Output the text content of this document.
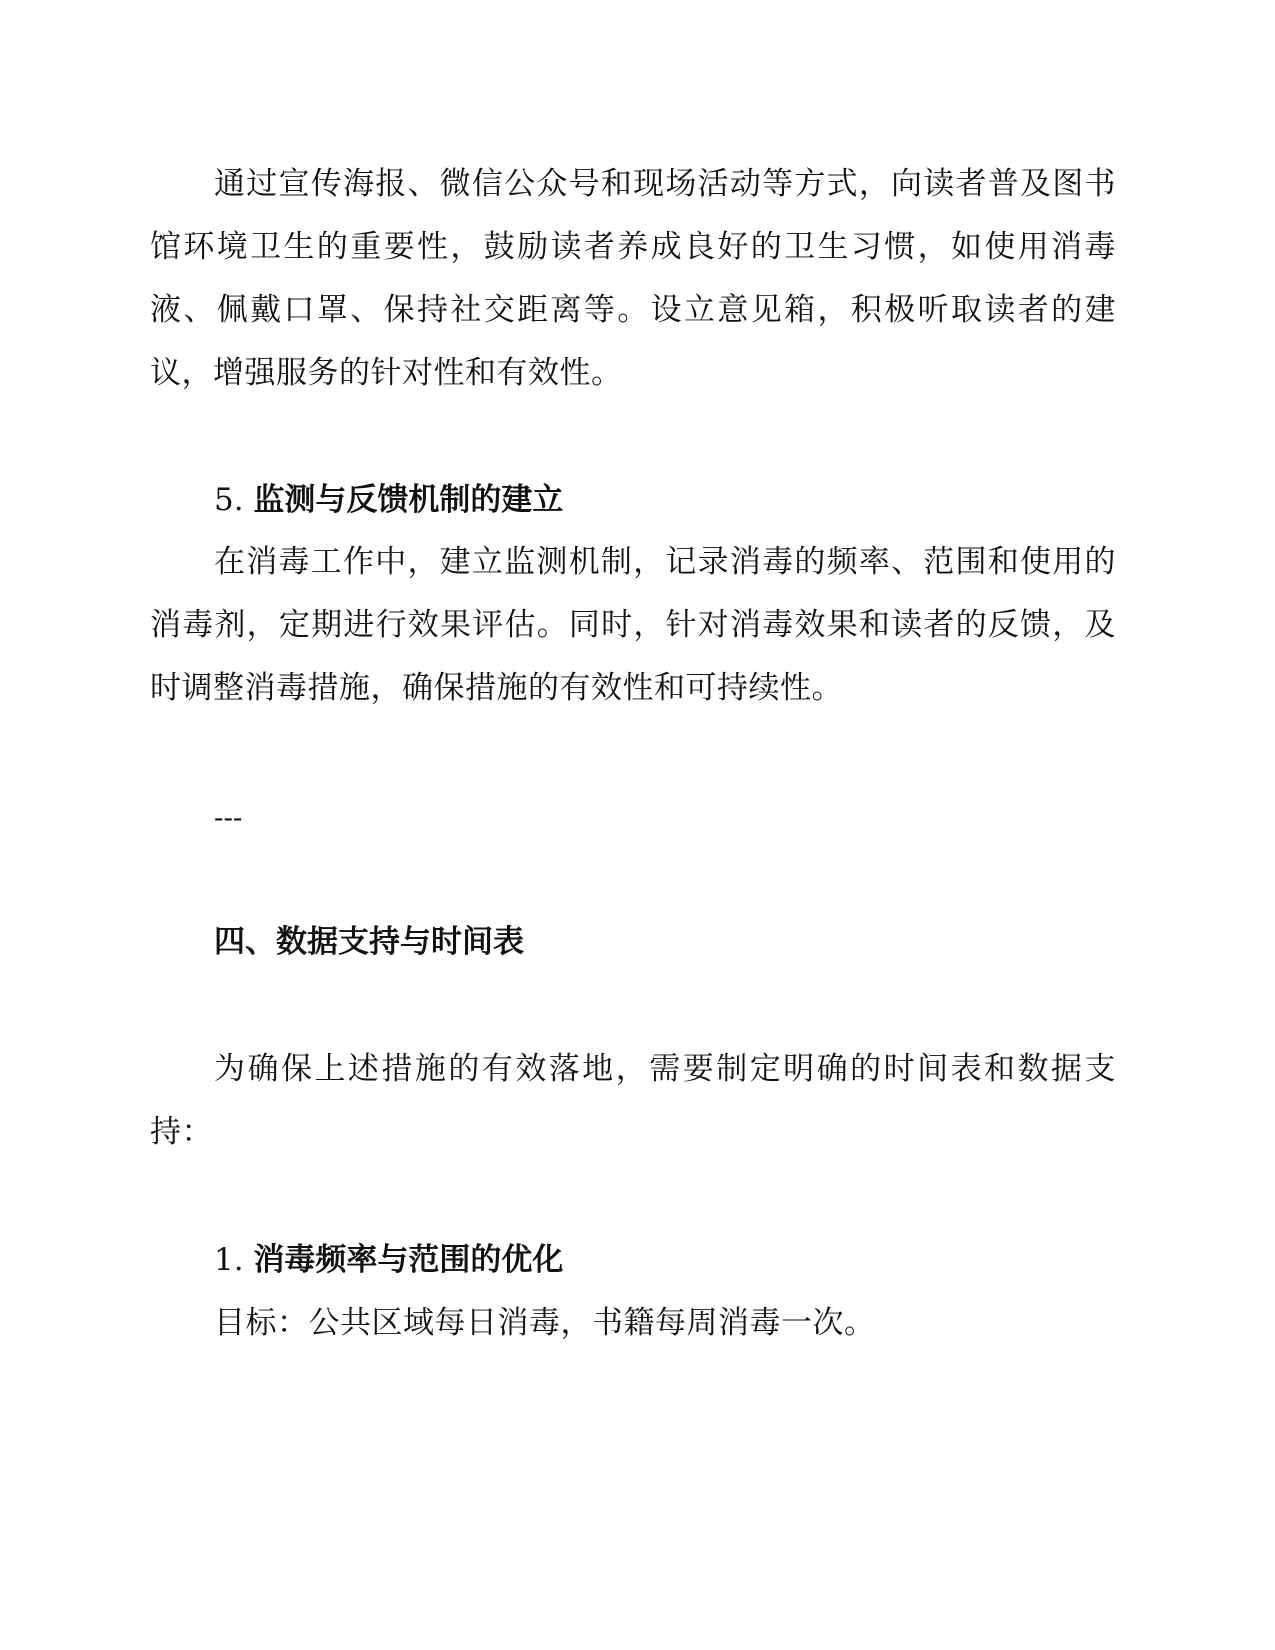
通过宣传海报、微信公众号和现场活动等方式，向读者普及图书馆环境卫生的重要性，鼓励读者养成良好的卫生习惯，如使用消毒液、佩戴口罩、保持社交距离等。设立意见箱，积极听取读者的建议，增强服务的针对性和有效性。

5. 监测与反馈机制的建立

在消毒工作中，建立监测机制，记录消毒的频率、范围和使用的消毒剂，定期进行效果评估。同时，针对消毒效果和读者的反馈，及时调整消毒措施，确保措施的有效性和可持续性。

---

四、数据支持与时间表

为确保上述措施的有效落地，需要制定明确的时间表和数据支持：

1. 消毒频率与范围的优化

目标：公共区域每日消毒，书籍每周消毒一次。
